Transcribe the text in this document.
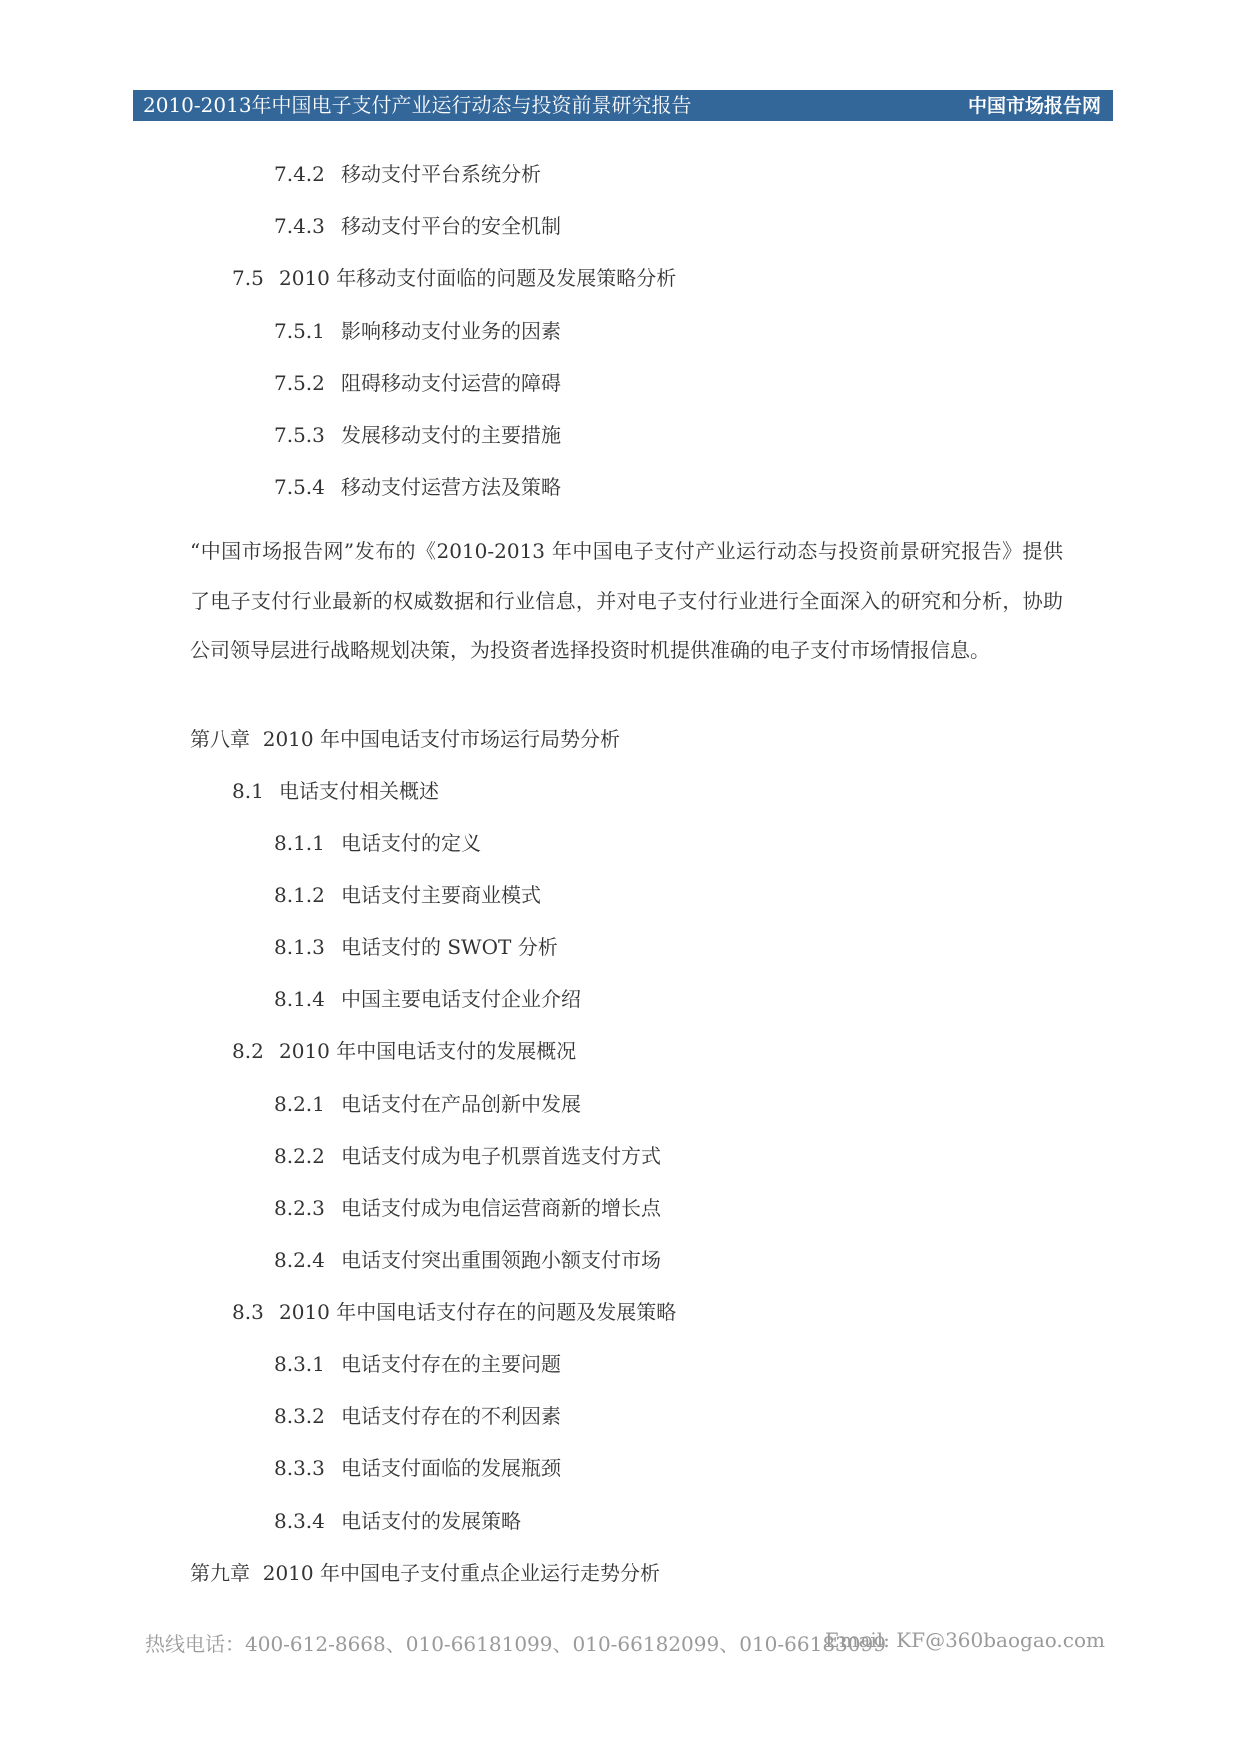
2010-2013年中国电子支付产业运行动态与投资前景研究报告	中国市场报告网
7.4.2 移动支付平台系统分析
7.4.3 移动支付平台的安全机制
7.5 2010 年移动支付面临的问题及发展策略分析
7.5.1 影响移动支付业务的因素
7.5.2 阻碍移动支付运营的障碍
7.5.3 发展移动支付的主要措施
7.5.4 移动支付运营方法及策略
“中国市场报告网”发布的《2010-2013 年中国电子支付产业运行动态与投资前景研究报告》提供了电子支付行业最新的权威数据和行业信息，并对电子支付行业进行全面深入的研究和分析，协助公司领导层进行战略规划决策，为投资者选择投资时机提供准确的电子支付市场情报信息。
第八章 2010 年中国电话支付市场运行局势分析
8.1 电话支付相关概述
8.1.1 电话支付的定义
8.1.2 电话支付主要商业模式
8.1.3 电话支付的 SWOT 分析
8.1.4 中国主要电话支付企业介绍
8.2 2010 年中国电话支付的发展概况
8.2.1 电话支付在产品创新中发展
8.2.2 电话支付成为电子机票首选支付方式
8.2.3 电话支付成为电信运营商新的增长点
8.2.4 电话支付突出重围领跑小额支付市场
8.3 2010 年中国电话支付存在的问题及发展策略
8.3.1 电话支付存在的主要问题
8.3.2 电话支付存在的不利因素
8.3.3 电话支付面临的发展瓶颈
8.3.4 电话支付的发展策略
第九章 2010 年中国电子支付重点企业运行走势分析
热线电话：400-612-8668、010-66181099、010-66182099、010-66183099
Email: KF@360baogao.com
